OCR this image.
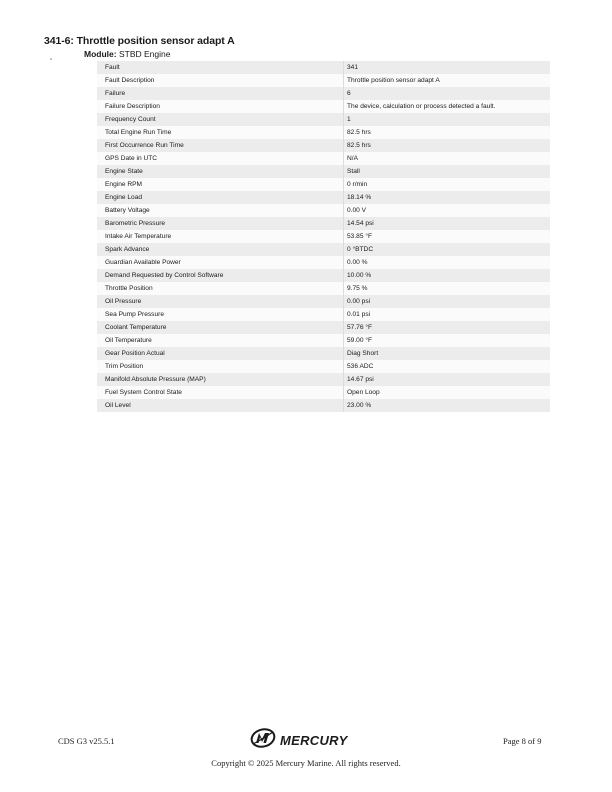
341-6: Throttle position sensor adapt A
Module: STBD Engine
Fault	341
Fault Description	Throttle position sensor adapt A
Failure	6
Failure Description	The device, calculation or process detected a fault.
Frequency Count	1
Total Engine Run Time	82.5 hrs
First Occurrence Run Time	82.5 hrs
GPS Date in UTC	N/A
Engine State	Stall
Engine RPM	0 r/min
Engine Load	18.14 %
Battery Voltage	0.00 V
Barometric Pressure	14.54 psi
Intake Air Temperature	53.85 °F
Spark Advance	0 °BTDC
Guardian Available Power	0.00 %
Demand Requested by Control Software	10.00 %
Throttle Position	9.75 %
Oil Pressure	0.00 psi
Sea Pump Pressure	0.01 psi
Coolant Temperature	57.76 °F
Oil Temperature	59.00 °F
Gear Position Actual	Diag Short
Trim Position	536 ADC
Manifold Absolute Pressure (MAP)	14.67 psi
Fuel System Control State	Open Loop
Oil Level	23.00 %
CDS G3 v25.5.1	MERCURY	Page 8 of 9
Copyright © 2025 Mercury Marine. All rights reserved.
